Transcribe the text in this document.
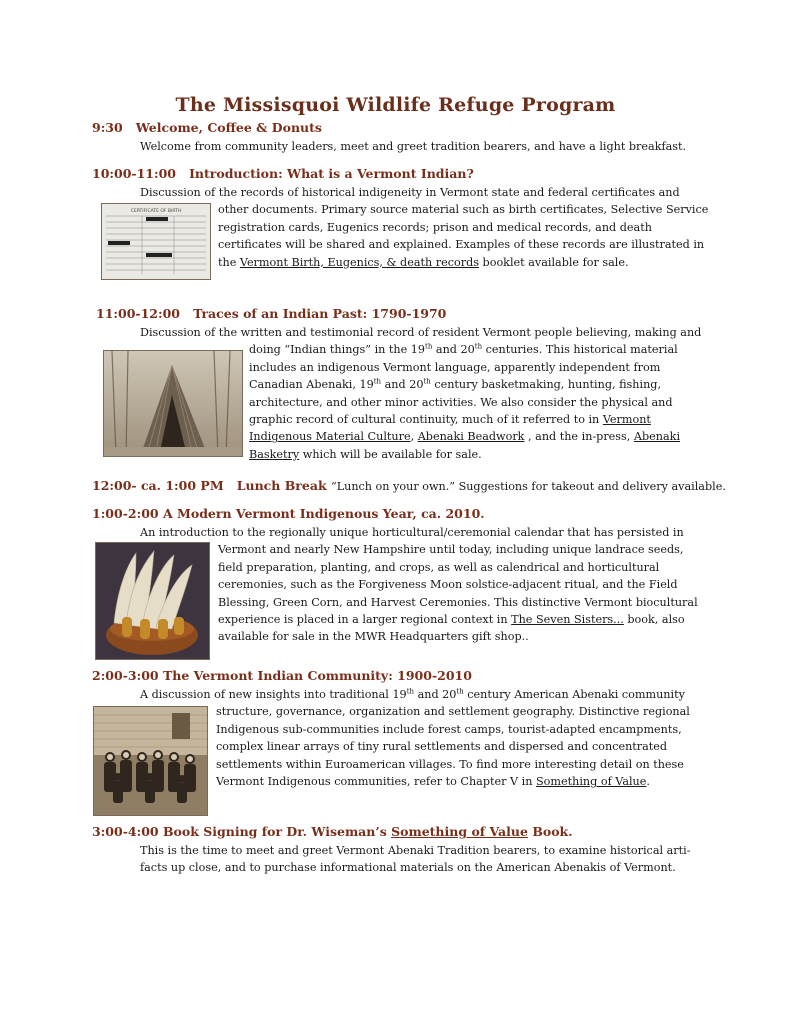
The Missisquoi Wildlife Refuge Program
9:30 Welcome, Coffee & Donuts
Welcome from community leaders, meet and greet tradition bearers, and have a light breakfast.
10:00-11:00 Introduction: What is a Vermont Indian?
Discussion of the records of historical indigeneity in Vermont state and federal certificates and
CERTIFICATE OF BIRTH	other documents. Primary source material such as birth certificates, Selective Service
registration cards, Eugenics records; prison and medical records, and death
certificates will be shared and explained. Examples of these records are illustrated in
the Vermont Birth, Eugenics, & death records booklet available for sale.
11:00-12:00 Traces of an Indian Past: 1790-1970
Discussion of the written and testimonial record of resident Vermont people believing, making and
doing “Indian things” in the 19th and 20th centuries. This historical material
includes an indigenous Vermont language, apparently independent from
Canadian Abenaki, 19th and 20th century basketmaking, hunting, fishing,
architecture, and other minor activities. We also consider the physical and
graphic record of cultural continuity, much of it referred to in Vermont
Indigenous Material Culture, Abenaki Beadwork , and the in-press, Abenaki
Basketry which will be available for sale.
12:00- ca. 1:00 PM Lunch Break “Lunch on your own.” Suggestions for takeout and delivery available.
1:00-2:00 A Modern Vermont Indigenous Year, ca. 2010.
An introduction to the regionally unique horticultural/ceremonial calendar that has persisted in
Vermont and nearly New Hampshire until today, including unique landrace seeds,
field preparation, planting, and crops, as well as calendrical and horticultural
ceremonies, such as the Forgiveness Moon solstice-adjacent ritual, and the Field
Blessing, Green Corn, and Harvest Ceremonies. This distinctive Vermont biocultural
experience is placed in a larger regional context in The Seven Sisters... book, also
available for sale in the MWR Headquarters gift shop..
2:00-3:00 The Vermont Indian Community: 1900-2010
A discussion of new insights into traditional 19th and 20th century American Abenaki community
structure, governance, organization and settlement geography. Distinctive regional
Indigenous sub-communities include forest camps, tourist-adapted encampments,
complex linear arrays of tiny rural settlements and dispersed and concentrated
settlements within Euroamerican villages. To find more interesting detail on these
Vermont Indigenous communities, refer to Chapter V in Something of Value.
3:00-4:00 Book Signing for Dr. Wiseman’s Something of Value Book.
This is the time to meet and greet Vermont Abenaki Tradition bearers, to examine historical arti-
facts up close, and to purchase informational materials on the American Abenakis of Vermont.
